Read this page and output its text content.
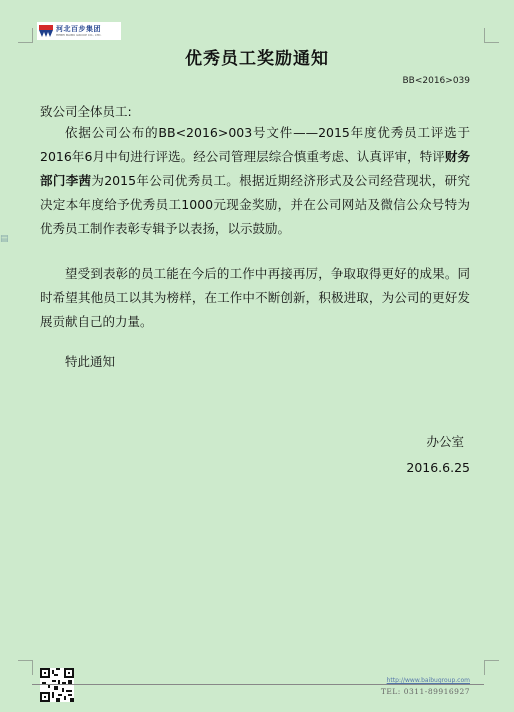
河北百步集团
HEBEI BAIBU GROUP CO., LTD.
优秀员工奖励通知
BB<2016>039
▤
致公司全体员工:
依据公司公布的BB<2016>003号文件——2015年度优秀员工评选于2016年6月中旬进行评选。经公司管理层综合慎重考虑、认真评审，特评财务部门李茜为2015年公司优秀员工。根据近期经济形式及公司经营现状，研究决定本年度给予优秀员工1000元现金奖励，并在公司网站及微信公众号特为优秀员工制作表彰专辑予以表扬，以示鼓励。
望受到表彰的员工能在今后的工作中再接再厉，争取取得更好的成果。同时希望其他员工以其为榜样，在工作中不断创新，积极进取，为公司的更好发展贡献自己的力量。
特此通知
办公室
2016.6.25
http://www.baibugroup.com
TEL: 0311-89916927
